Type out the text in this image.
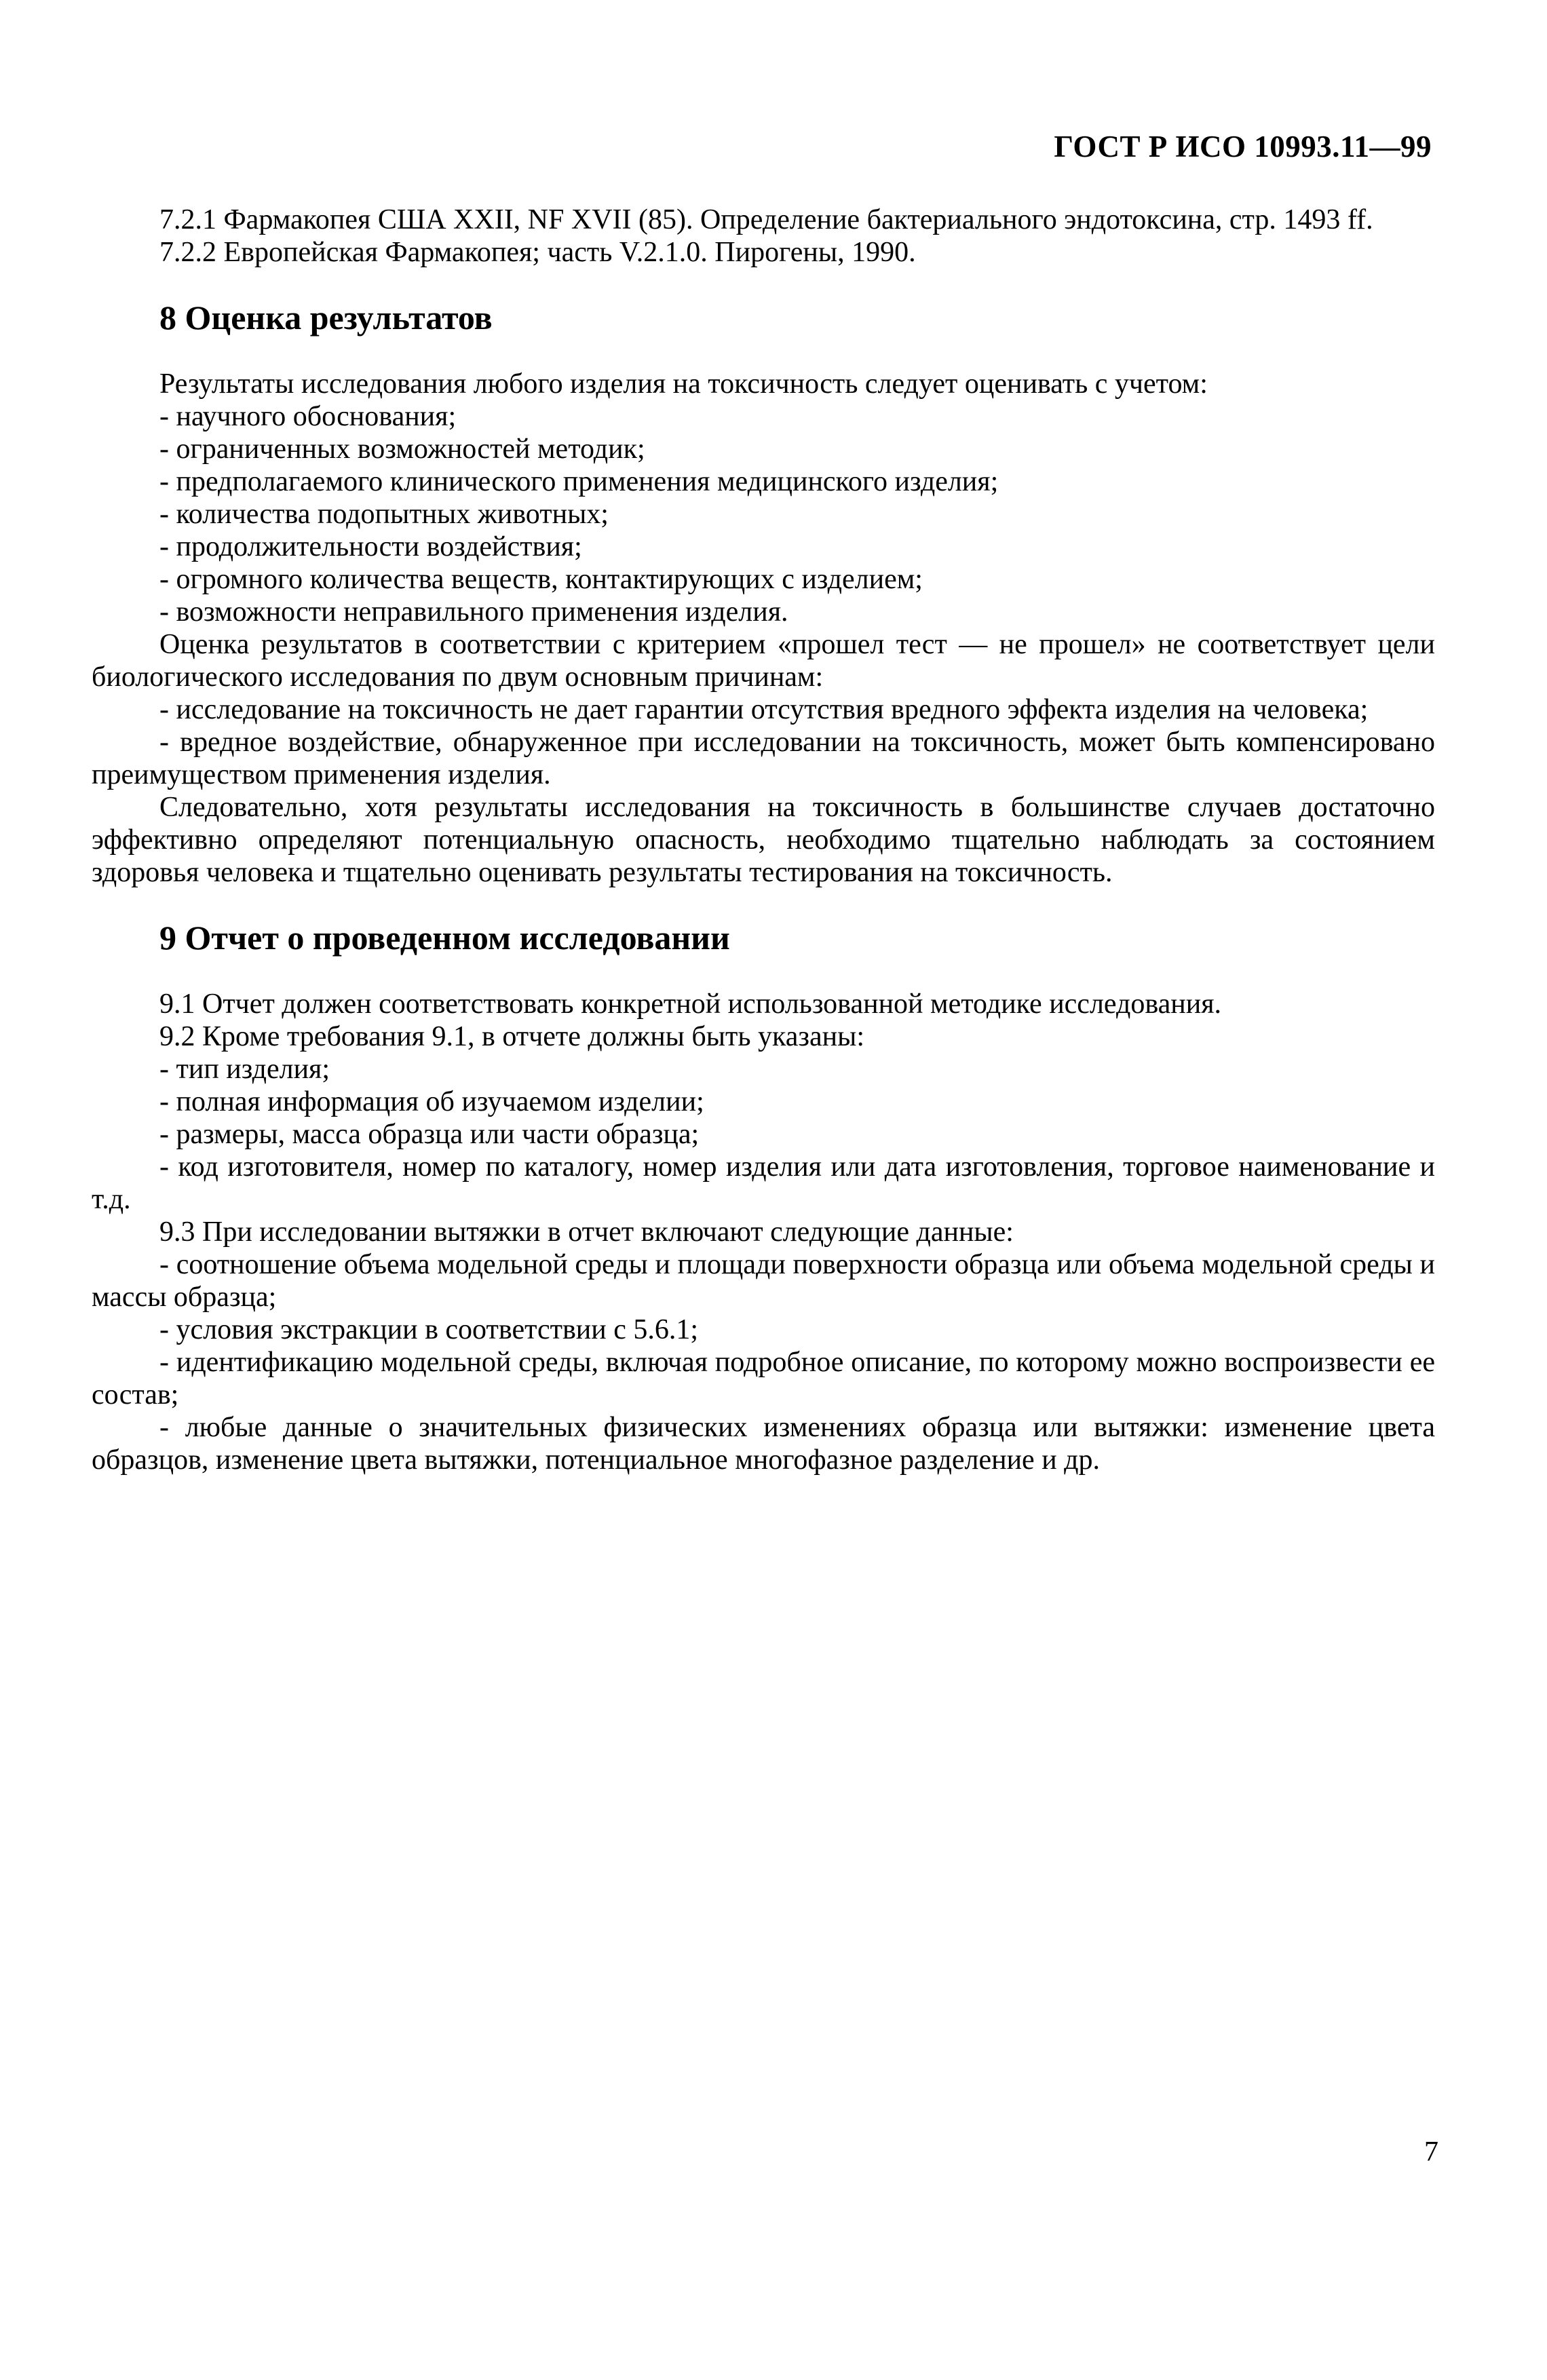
ГОСТ Р ИСО 10993.11—99

7.2.1 Фармакопея США XXII, NF XVII (85). Определение бактериального эндотоксина, стр. 1493 ff.

7.2.2 Европейская Фармакопея; часть V.2.1.0. Пирогены, 1990.

8 Оценка результатов

Результаты исследования любого изделия на токсичность следует оценивать с учетом:

- научного обоснования;

- ограниченных возможностей методик;

- предполагаемого клинического применения медицинского изделия;

- количества подопытных животных;

- продолжительности воздействия;

- огромного количества веществ, контактирующих с изделием;

- возможности неправильного применения изделия.

Оценка результатов в соответствии с критерием «прошел тест — не прошел» не соответствует цели биологического исследования по двум основным причинам:

- исследование на токсичность не дает гарантии отсутствия вредного эффекта изделия на человека;

- вредное воздействие, обнаруженное при исследовании на токсичность, может быть компенсировано преимуществом применения изделия.

Следовательно, хотя результаты исследования на токсичность в большинстве случаев достаточно эффективно определяют потенциальную опасность, необходимо тщательно наблюдать за состоянием здоровья человека и тщательно оценивать результаты тестирования на токсичность.

9 Отчет о проведенном исследовании

9.1 Отчет должен соответствовать конкретной использованной методике исследования.

9.2 Кроме требования 9.1, в отчете должны быть указаны:

- тип изделия;

- полная информация об изучаемом изделии;

- размеры, масса образца или части образца;

- код изготовителя, номер по каталогу, номер изделия или дата изготовления, торговое наименование и т.д.

9.3 При исследовании вытяжки в отчет включают следующие данные:

- соотношение объема модельной среды и площади поверхности образца или объема модельной среды и массы образца;

- условия экстракции в соответствии с 5.6.1;

- идентификацию модельной среды, включая подробное описание, по которому можно воспроизвести ее состав;

- любые данные о значительных физических изменениях образца или вытяжки: изменение цвета образцов, изменение цвета вытяжки, потенциальное многофазное разделение и др.

7
